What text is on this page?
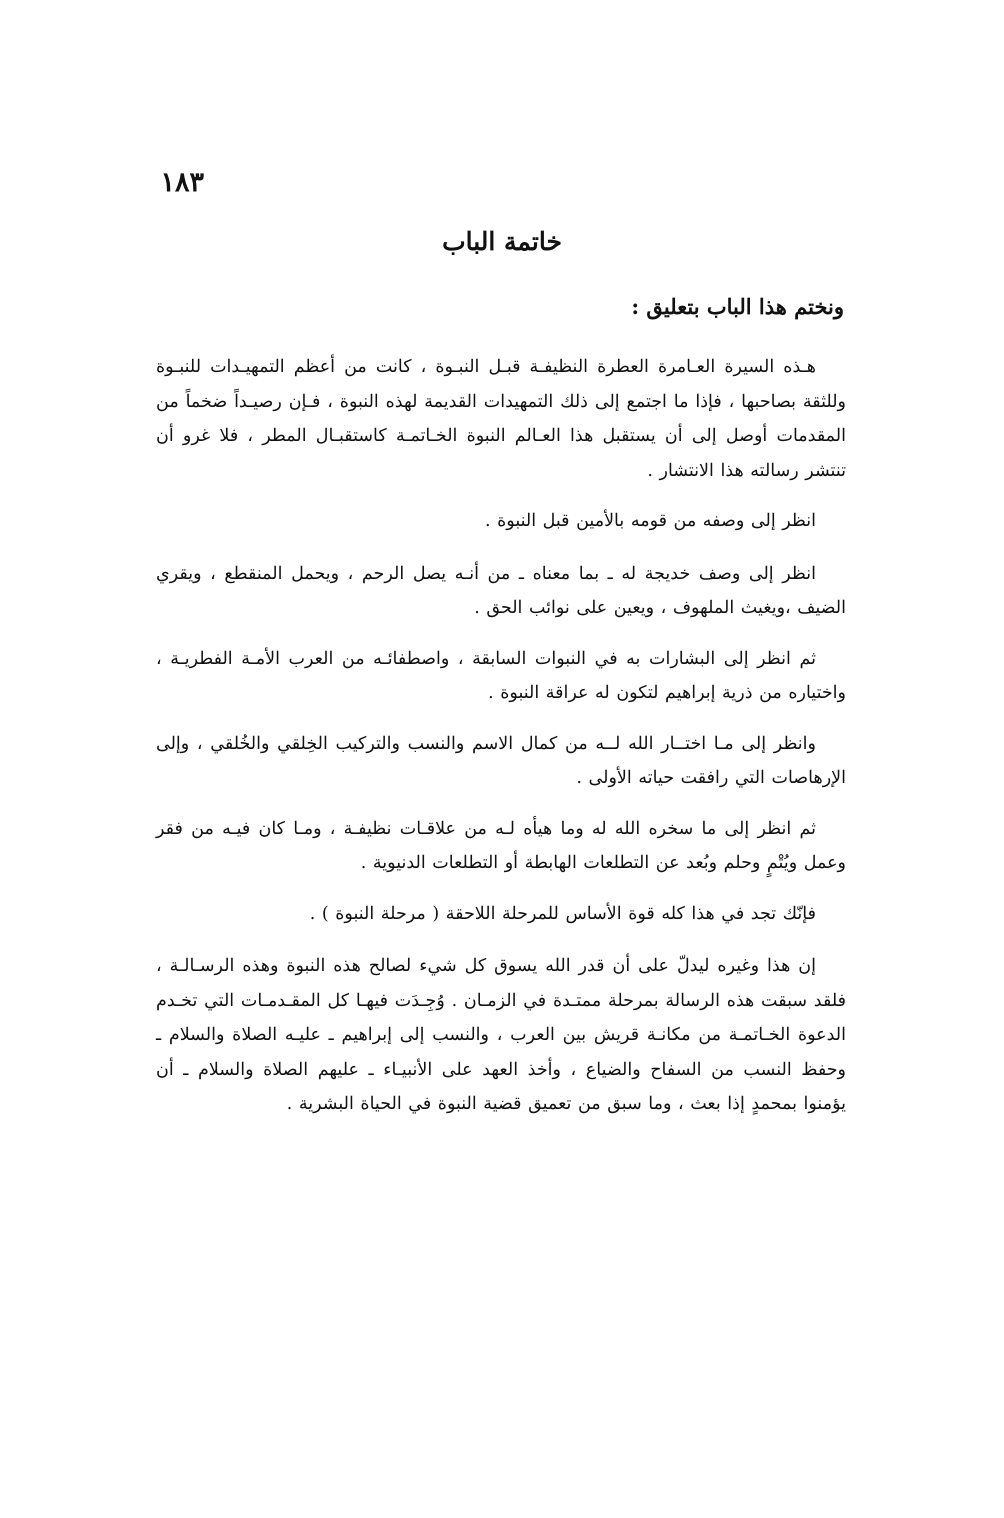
١٨٣
خاتمة الباب
ونختم هذا الباب بتعليق :

هـذه السيرة العـامرة العطرة النظيفـة قبـل النبـوة ، كانت من أعظم التمهيـدات للنبـوة وللثقة بصاحبها ، فإذا ما اجتمع إلى ذلك التمهيدات القديمة لهذه النبوة ، فـإن رصيـداً ضخماً من المقدمات أوصل إلى أن يستقبل هذا العـالم النبوة الخـاتمـة كاستقبـال المطر ، فلا غرو أن تنتشر رسالته هذا الانتشار .

انظر إلى وصفه من قومه بالأمين قبل النبوة .

انظر إلى وصف خديجة له ـ بما معناه ـ من أنـه يصل الرحم ، ويحمل المنقطع ، ويقري الضيف ،ويغيث الملهوف ، ويعين على نوائب الحق .

ثم انظر إلى البشارات به في النبوات السابقة ، واصطفائـه من العرب الأمـة الفطريـة ، واختياره من ذرية إبراهيم لتكون له عراقة النبوة .

وانظر إلى مـا اختــار الله لــه من كمال الاسم والنسب والتركيب الخِلقي والخُلقي ، وإلى الإرهاصات التي رافقت حياته الأولى .

ثم انظر إلى ما سخره الله له وما هيأه لـه من علاقـات نظيفـة ، ومـا كان فيـه من فقر وعمل ويُتْمٍ وحلم وبُعد عن التطلعات الهابطة أو التطلعات الدنيوية .

فإنّك تجد في هذا كله قوة الأساس للمرحلة اللاحقة ( مرحلة النبوة ) .

إن هذا وغيره ليدلّ على أن قدر الله يسوق كل شيء لصالح هذه النبوة وهذه الرسـالـة ، فلقد سبقت هذه الرسالة بمرحلة ممتـدة في الزمـان . وُجِـدَت فيهـا كل المقـدمـات التي تخـدم الدعوة الخـاتمـة من مكانـة قريش بين العرب ، والنسب إلى إبراهيم ـ عليـه الصلاة والسلام ـ وحفظ النسب من السفاح والضياع ، وأخذ العهد على الأنبيـاء ـ عليهم الصلاة والسلام ـ أن يؤمنوا بمحمدٍ إذا بعث ، وما سبق من تعميق قضية النبوة في الحياة البشرية .
